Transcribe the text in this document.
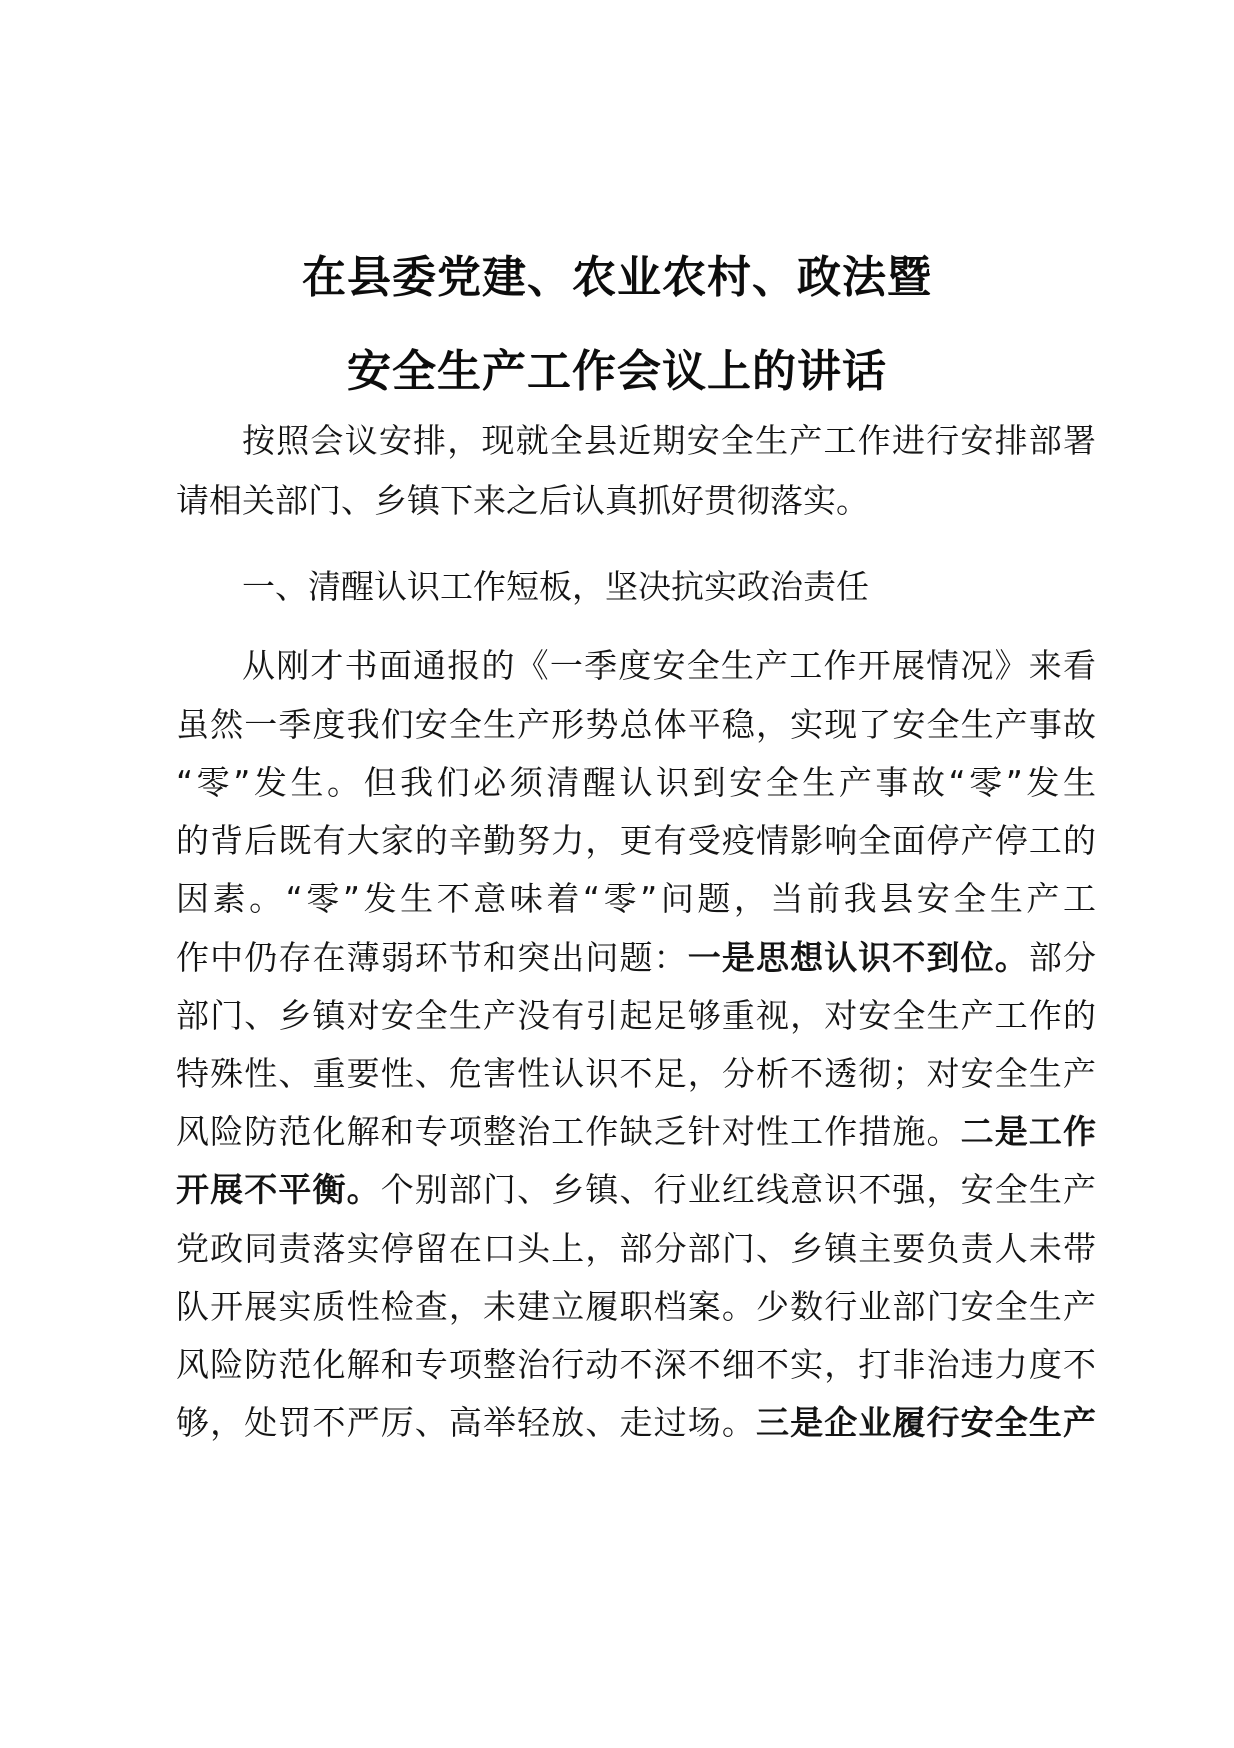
在县委党建、农业农村、政法暨
安全生产工作会议上的讲话
按照会议安排，现就全县近期安全生产工作进行安排部署
请相关部门、乡镇下来之后认真抓好贯彻落实。
一、清醒认识工作短板，坚决抗实政治责任
从刚才书面通报的《一季度安全生产工作开展情况》来看
虽然一季度我们安全生产形势总体平稳，实现了安全生产事故
“零”发生。但我们必须清醒认识到安全生产事故“零”发生
的背后既有大家的辛勤努力，更有受疫情影响全面停产停工的
因素。“零”发生不意味着“零”问题，当前我县安全生产工
作中仍存在薄弱环节和突出问题：一是思想认识不到位。部分
部门、乡镇对安全生产没有引起足够重视，对安全生产工作的
特殊性、重要性、危害性认识不足，分析不透彻；对安全生产
风险防范化解和专项整治工作缺乏针对性工作措施。二是工作
开展不平衡。个别部门、乡镇、行业红线意识不强，安全生产
党政同责落实停留在口头上，部分部门、乡镇主要负责人未带
队开展实质性检查，未建立履职档案。少数行业部门安全生产
风险防范化解和专项整治行动不深不细不实，打非治违力度不
够，处罚不严厉、高举轻放、走过场。三是企业履行安全生产
